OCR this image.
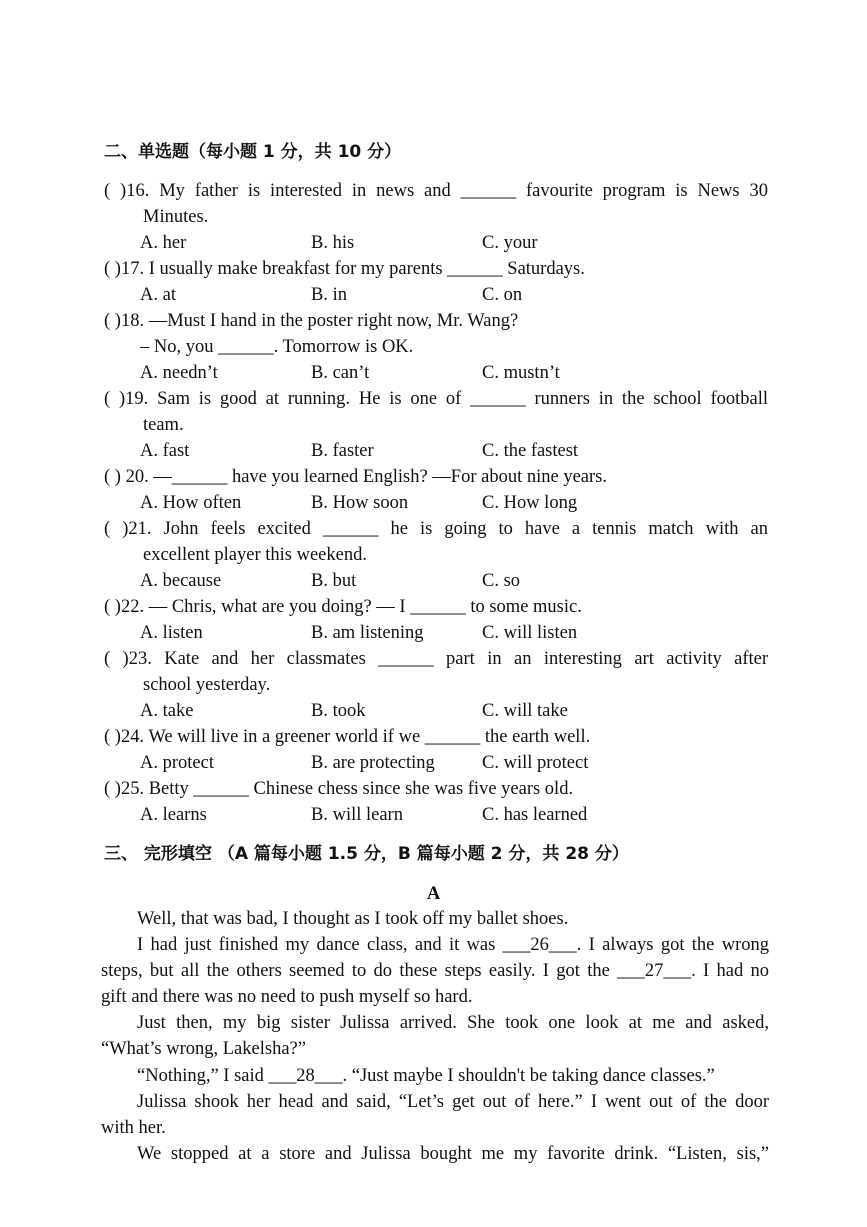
二、单选题（每小题 1 分，共 10 分）
( )16. My father is interested in news and ______ favourite program is News 30
Minutes.
A. her	B. his	C. your
( )17. I usually make breakfast for my parents ______ Saturdays.
A. at	B. in	C. on
( )18. —Must I hand in the poster right now, Mr. Wang?
– No, you ______. Tomorrow is OK.
A. needn’t	B. can’t	C. mustn’t
( )19. Sam is good at running. He is one of ______ runners in the school football
team.
A. fast	B. faster	C. the fastest
( ) 20. —______ have you learned English? —For about nine years.
A. How often	B. How soon	C. How long
( )21. John feels excited ______ he is going to have a tennis match with an
excellent player this weekend.
A. because	B. but	C. so
( )22. — Chris, what are you doing? — I ______ to some music.
A. listen	B. am listening	C. will listen
( )23. Kate and her classmates ______ part in an interesting art activity after
school yesterday.
A. take	B. took	C. will take
( )24. We will live in a greener world if we ______ the earth well.
A. protect	B. are protecting	C. will protect
( )25. Betty ______ Chinese chess since she was five years old.
A. learns	B. will learn	C. has learned
三、 完形填空 （A 篇每小题 1.5 分，B 篇每小题 2 分，共 28 分）
A
Well, that was bad, I thought as I took off my ballet shoes.
I had just finished my dance class, and it was ___26___. I always got the wrong
steps, but all the others seemed to do these steps easily. I got the ___27___. I had no
gift and there was no need to push myself so hard.
Just then, my big sister Julissa arrived. She took one look at me and asked,
“What’s wrong, Lakelsha?”
“Nothing,” I said ___28___. “Just maybe I shouldn't be taking dance classes.”
Julissa shook her head and said, “Let’s get out of here.” I went out of the door
with her.
We stopped at a store and Julissa bought me my favorite drink. “Listen, sis,”
